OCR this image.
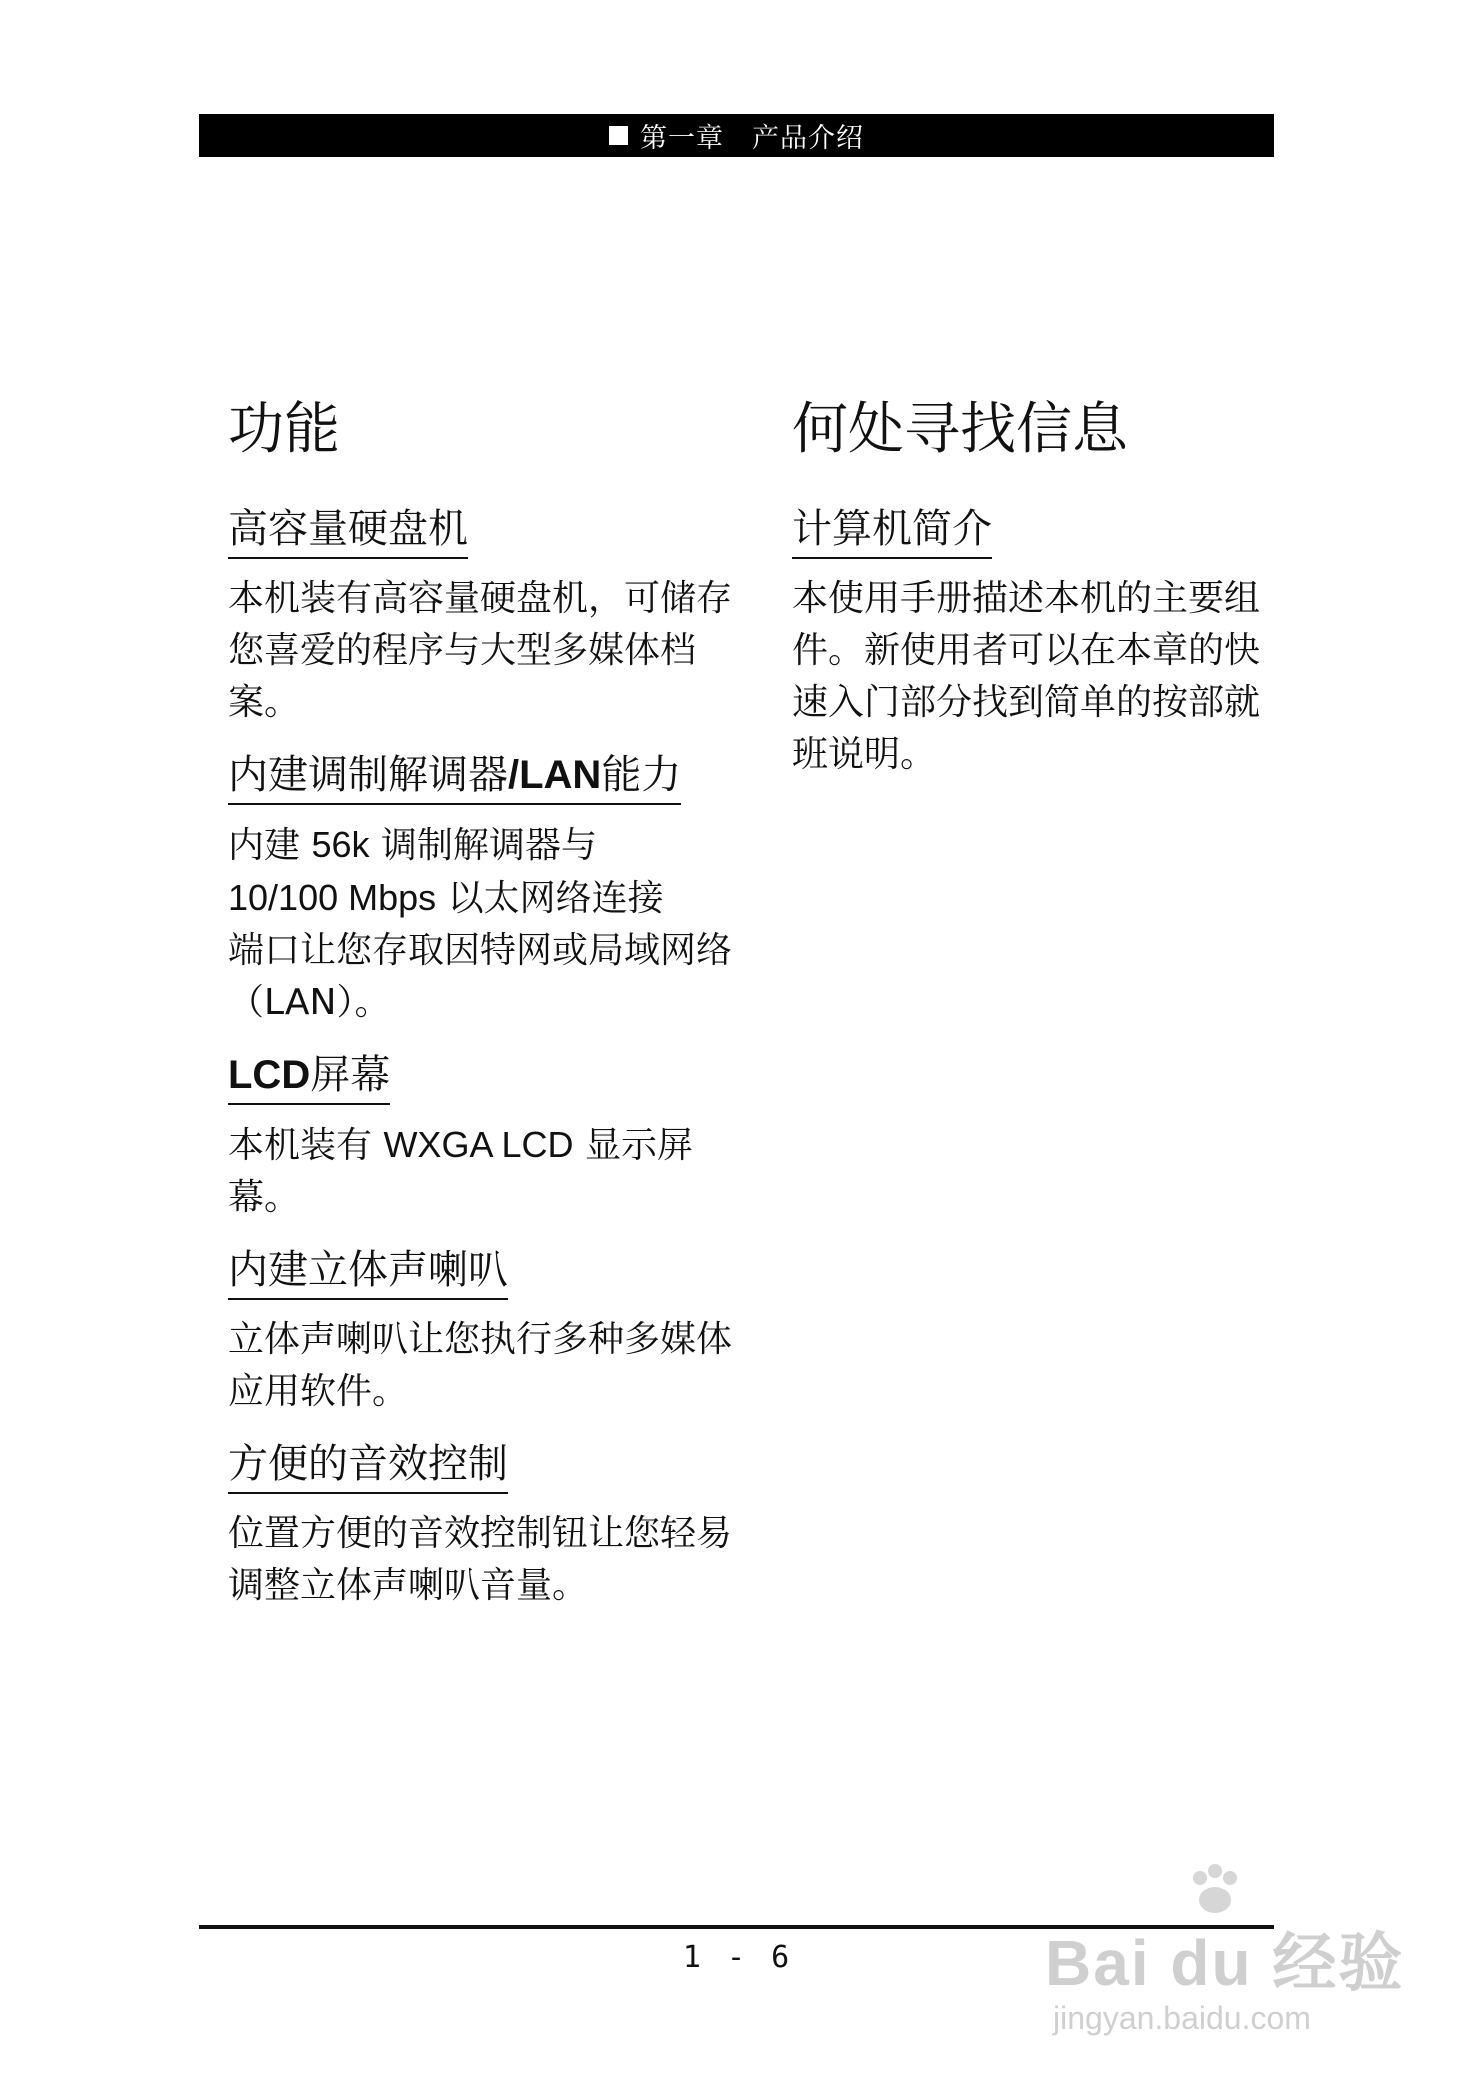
第一章 产品介绍
功能
高容量硬盘机

本机装有高容量硬盘机，可储存您喜爱的程序与大型多媒体档案。

内建调制解调器/LAN能力

内建 56k 调制解调器与
10/100 Mbps 以太网络连接
端口让您存取因特网或局域网络（LAN）。

LCD屏幕

本机装有 WXGA LCD 显示屏幕。

内建立体声喇叭

立体声喇叭让您执行多种多媒体应用软件。

方便的音效控制

位置方便的音效控制钮让您轻易调整立体声喇叭音量。

何处寻找信息
计算机简介

本使用手册描述本机的主要组件。新使用者可以在本章的快速入门部分找到简单的按部就班说明。

1 - 6	Bai du 经验
jingyan.baidu.com
